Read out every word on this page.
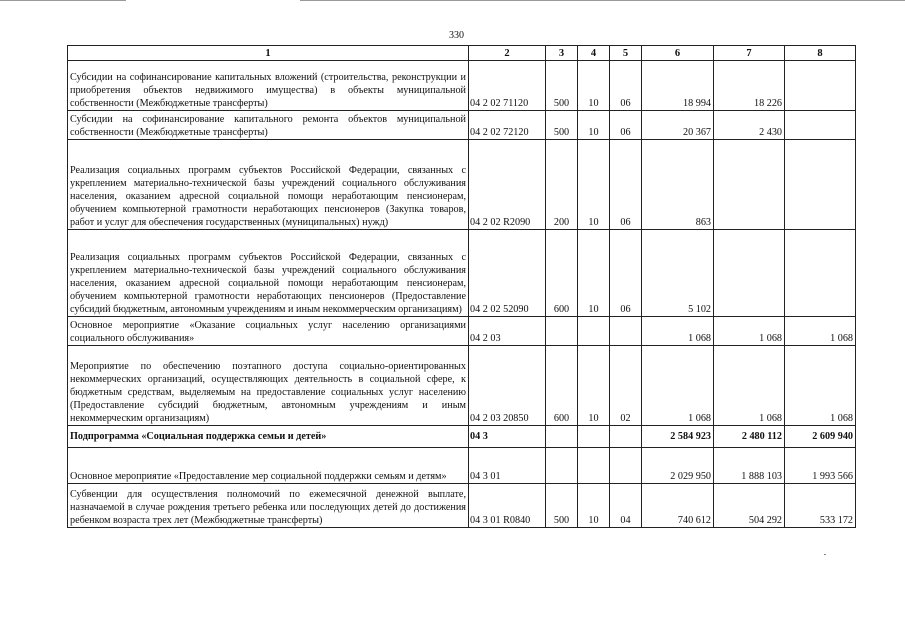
330
1	2	3	4	5	6	7	8
Субсидии на софинансирование капитальных вложений (строительства, реконструкции и приобретения объектов недвижимого имущества) в объекты муниципальной собственности (Межбюджетные трансферты)	04 2 02 71120	500	10	06	18 994	18 226	
Субсидии на софинансирование капитального ремонта объектов муниципальной собственности (Межбюджетные трансферты)	04 2 02 72120	500	10	06	20 367	2 430	
Реализация социальных программ субъектов Российской Федерации, связанных с укреплением материально-технической базы учреждений социального обслуживания населения, оказанием адресной социальной помощи неработающим пенсионерам, обучением компьютерной грамотности неработающих пенсионеров (Закупка товаров, работ и услуг для обеспечения государственных (муниципальных) нужд)	04 2 02 R2090	200	10	06	863		
Реализация социальных программ субъектов Российской Федерации, связанных с укреплением материально-технической базы учреждений социального обслуживания населения, оказанием адресной социальной помощи неработающим пенсионерам, обучением компьютерной грамотности неработающих пенсионеров (Предоставление субсидий бюджетным, автономным учреждениям и иным некоммерческим организациям)	04 2 02 52090	600	10	06	5 102		
Основное мероприятие «Оказание социальных услуг населению организациями социального обслуживания»	04 2 03				1 068	1 068	1 068
Мероприятие по обеспечению поэтапного доступа социально-ориентированных некоммерческих организаций, осуществляющих деятельность в социальной сфере, к бюджетным средствам, выделяемым на предоставление социальных услуг населению (Предоставление субсидий бюджетным, автономным учреждениям и иным некоммерческим организациям)	04 2 03 20850	600	10	02	1 068	1 068	1 068
Подпрограмма «Социальная поддержка семьи и детей»	04 3				2 584 923	2 480 112	2 609 940
Основное мероприятие «Предоставление мер социальной поддержки семьям и детям»	04 3 01				2 029 950	1 888 103	1 993 566
Субвенции для осуществления полномочий по ежемесячной денежной выплате, назначаемой в случае рождения третьего ребенка или последующих детей до достижения ребенком возраста трех лет (Межбюджетные трансферты)	04 3 01 R0840	500	10	04	740 612	504 292	533 172
